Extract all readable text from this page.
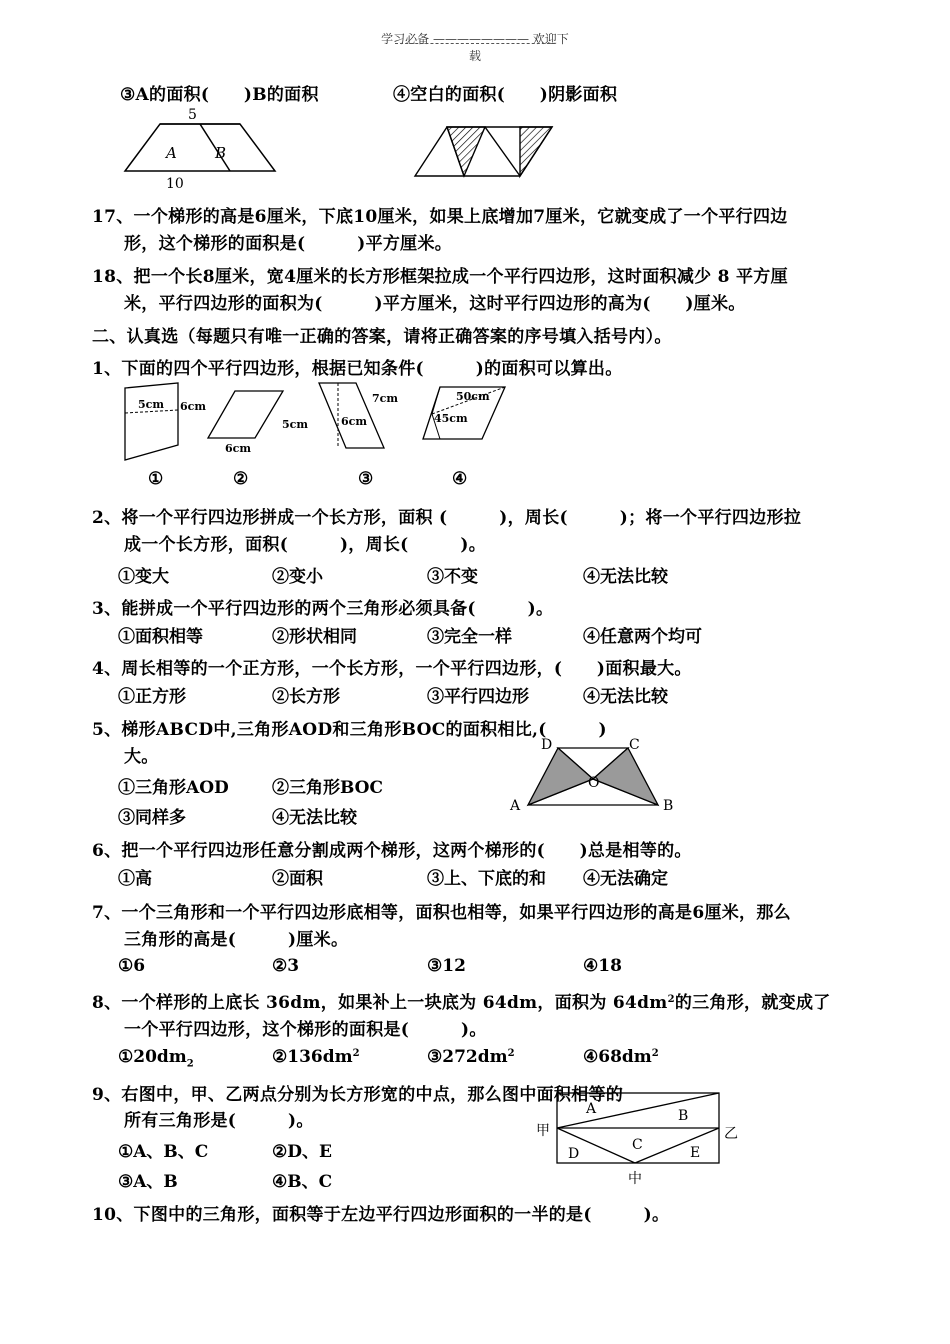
学习必备 ———————— 欢迎下载
③A的面积(　　)B的面积	④空白的面积(　　)阴影面积
5
A	B
10
17、一个梯形的高是6厘米，下底10厘米，如果上底增加7厘米，它就变成了一个平行四边
形，这个梯形的面积是(　　　)平方厘米。
18、把一个长8厘米，宽4厘米的长方形框架拉成一个平行四边形，这时面积减少 8 平方厘
米，平行四边形的面积为(　　　)平方厘米，这时平行四边形的高为(　　)厘米。
二、认真选（每题只有唯一正确的答案，请将正确答案的序号填入括号内）。
1、下面的四个平行四边形，根据已知条件(　　　)的面积可以算出。
5cm 6cm
5cm
6cm
7cm
6cm
50cm
45cm
①	②	③	④
2、将一个平行四边形拼成一个长方形，面积 (　　　)，周长(　　　)；将一个平行四边形拉
成一个长方形，面积(　　　)，周长(　　　)。
①变大	②变小	③不变	④无法比较
3、能拼成一个平行四边形的两个三角形必须具备(　　　)。
①面积相等	②形状相同	③完全一样	④任意两个均可
4、周长相等的一个正方形，一个长方形，一个平行四边形，(　　)面积最大。
①正方形	②长方形	③平行四边形	④无法比较
5、梯形ABCD中,三角形AOD和三角形BOC的面积相比,(　　　)
大。
①三角形AOD	②三角形BOC
③同样多	④无法比较
D	C
O
A	B
6、把一个平行四边形任意分割成两个梯形，这两个梯形的(　　)总是相等的。
①高	②面积	③上、下底的和 ④无法确定
7、一个三角形和一个平行四边形底相等，面积也相等，如果平行四边形的高是6厘米，那么
三角形的高是(　　　)厘米。
①6	②3	③12	④18
8、一个样形的上底长 36dm，如果补上一块底为 64dm，面积为 $64dm^2$的三角形，就变成了
一个平行四边形，这个梯形的面积是(　　　)。
$①20dm_2$	$②136dm^2$	$③272dm^2$	$④68dm^2$
9、右图中，甲、乙两点分别为长方形宽的中点，那么图中面积相等的
所有三角形是(　　　)。
①A、B、C	②D、E
③A、B	④B、C
A	B
C
D	E
甲	乙
中
10、下图中的三角形，面积等于左边平行四边形面积的一半的是(　　　)。
